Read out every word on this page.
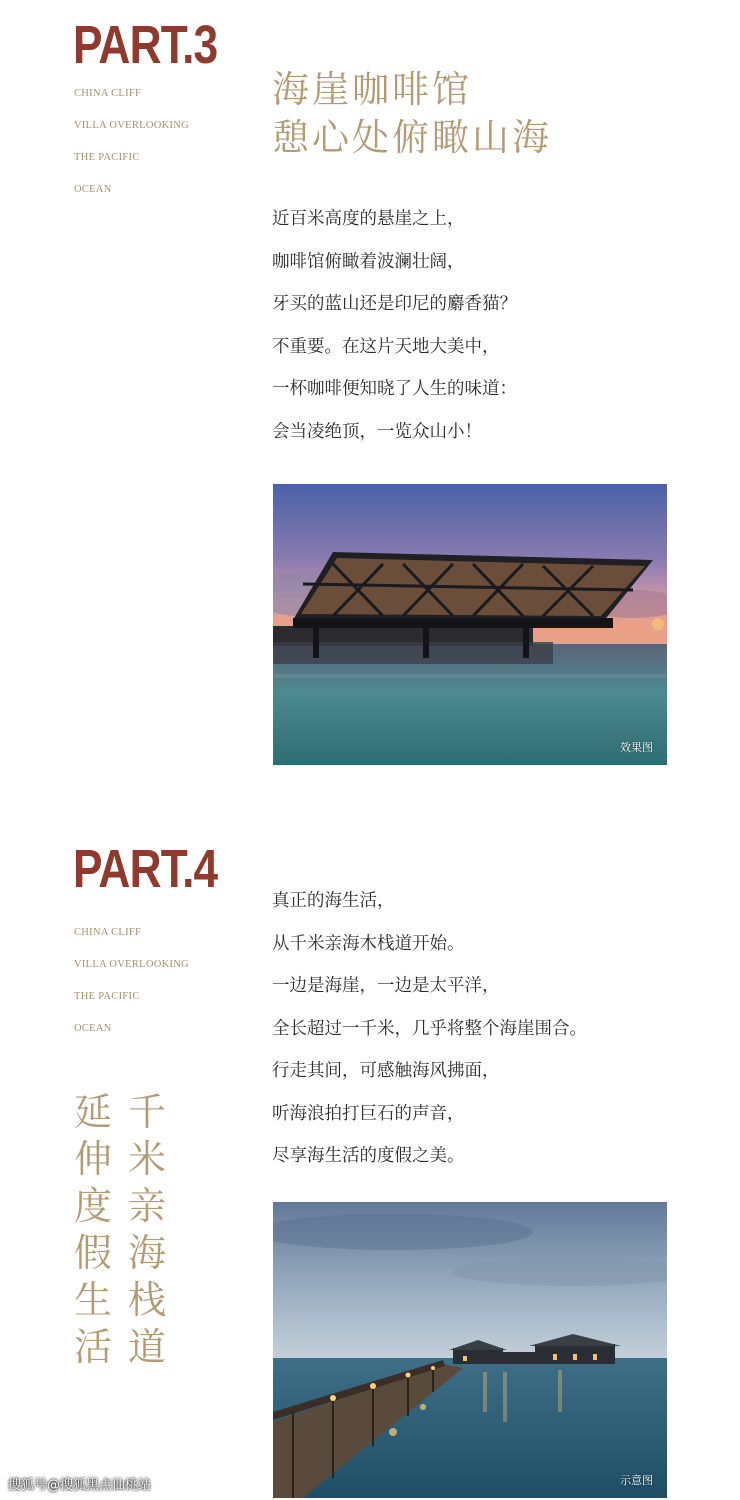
PART.3
CHINA CLIFF
VILLA OVERLOOKING
THE PACIFIC
OCEAN
海崖咖啡馆
憩心处俯瞰山海
近百米高度的悬崖之上，
咖啡馆俯瞰着波澜壮阔，
牙买的蓝山还是印尼的麝香猫？
不重要。在这片天地大美中，
一杯咖啡便知晓了人生的味道：
会当凌绝顶，一览众山小！
效果图
PART.4
CHINA CLIFF
VILLA OVERLOOKING
THE PACIFIC
OCEAN
千
米
亲
海
栈
道
延
伸
度
假
生
活
真正的海生活，
从千米亲海木栈道开始。
一边是海崖，一边是太平洋，
全长超过一千米，几乎将整个海崖围合。
行走其间，可感触海风拂面，
听海浪拍打巨石的声音，
尽享海生活的度假之美。
示意图
搜狐号@搜狐黑点仙桃站
